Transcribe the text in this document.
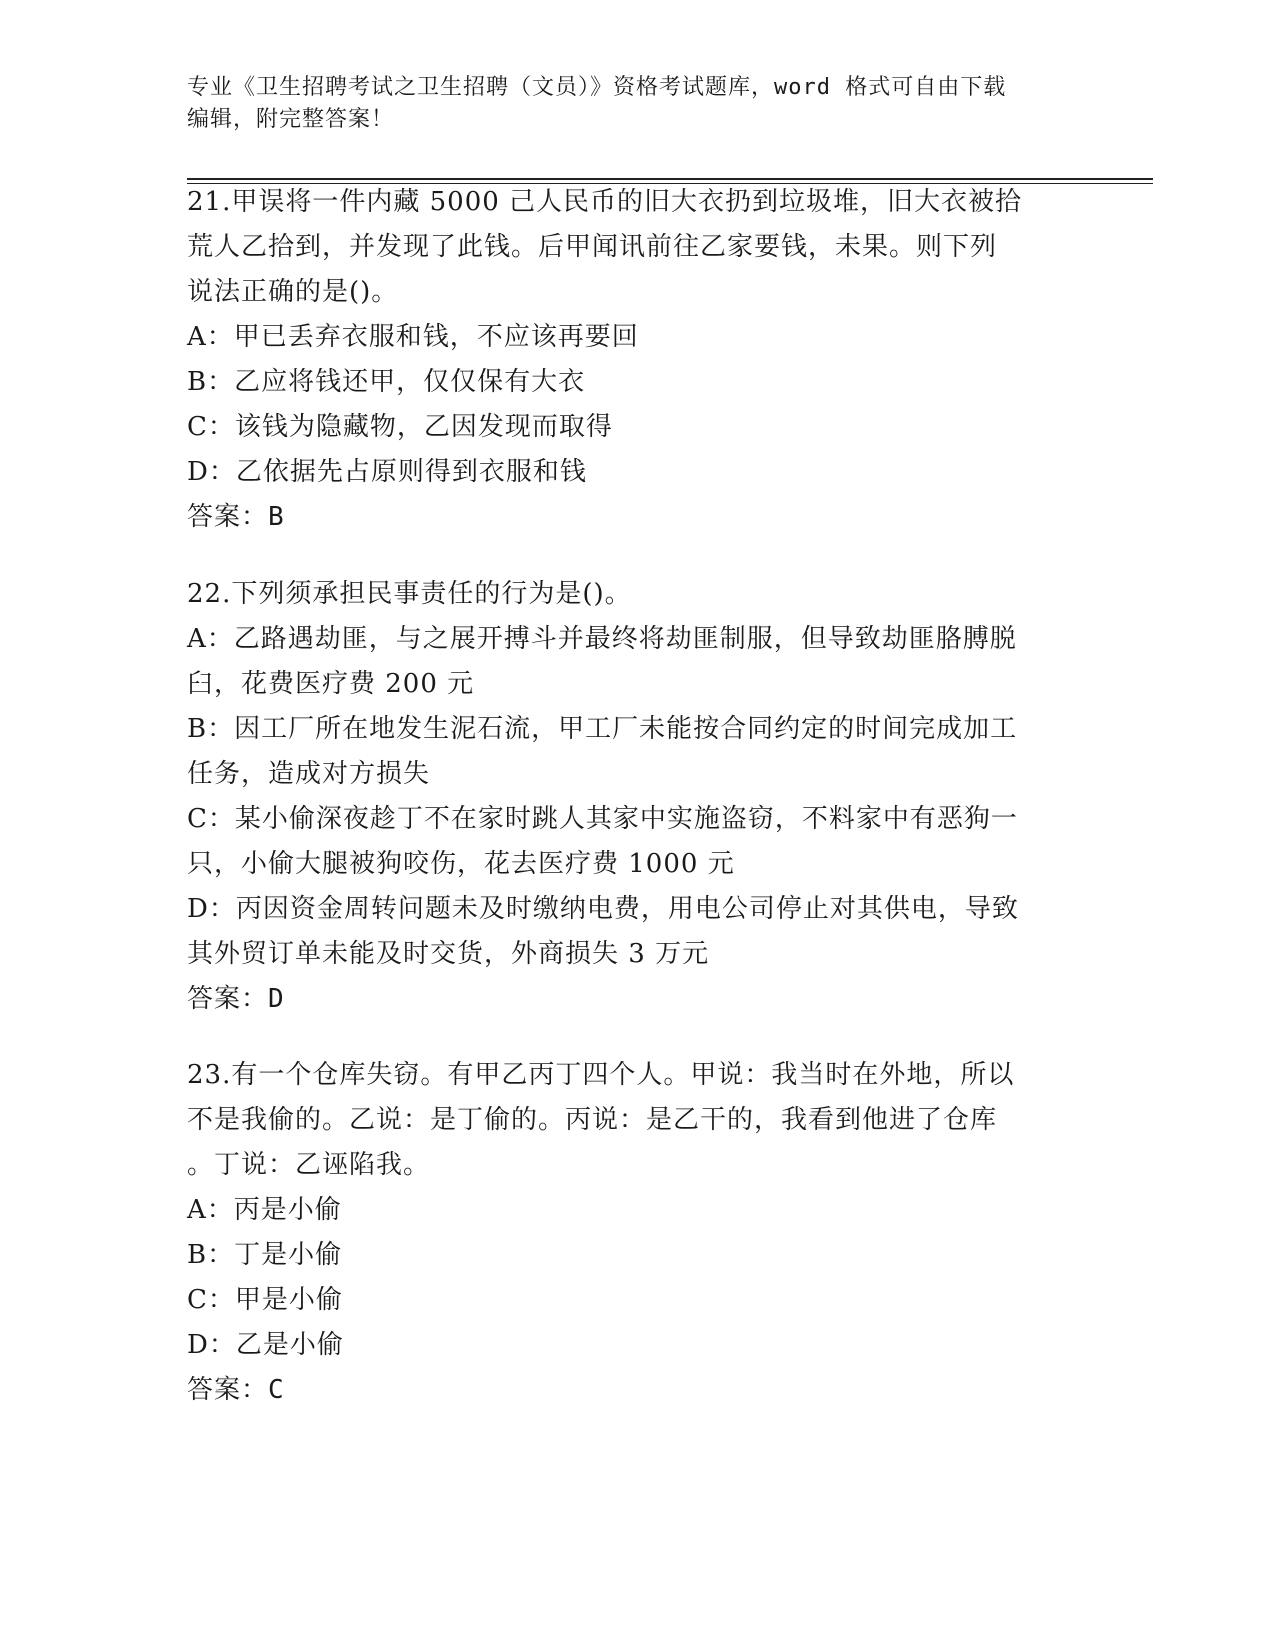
专业《卫生招聘考试之卫生招聘（文员）》资格考试题库，word 格式可自由下载
编辑，附完整答案！
21.甲误将一件内藏 5000 己人民币的旧大衣扔到垃圾堆，旧大衣被拾
荒人乙拾到，并发现了此钱。后甲闻讯前往乙家要钱，未果。则下列
说法正确的是()。
A：甲已丢弃衣服和钱，不应该再要回
B：乙应将钱还甲，仅仅保有大衣
C：该钱为隐藏物，乙因发现而取得
D：乙依据先占原则得到衣服和钱
答案：B
22.下列须承担民事责任的行为是()。
A：乙路遇劫匪，与之展开搏斗并最终将劫匪制服，但导致劫匪胳膊脱
臼，花费医疗费 200 元
B：因工厂所在地发生泥石流，甲工厂未能按合同约定的时间完成加工
任务，造成对方损失
C：某小偷深夜趁丁不在家时跳人其家中实施盗窃，不料家中有恶狗一
只，小偷大腿被狗咬伤，花去医疗费 1000 元
D：丙因资金周转问题未及时缴纳电费，用电公司停止对其供电，导致
其外贸订单未能及时交货，外商损失 3 万元
答案：D
23.有一个仓库失窃。有甲乙丙丁四个人。甲说：我当时在外地，所以
不是我偷的。乙说：是丁偷的。丙说：是乙干的，我看到他进了仓库
。丁说：乙诬陷我。
A：丙是小偷
B：丁是小偷
C：甲是小偷
D：乙是小偷
答案：C
